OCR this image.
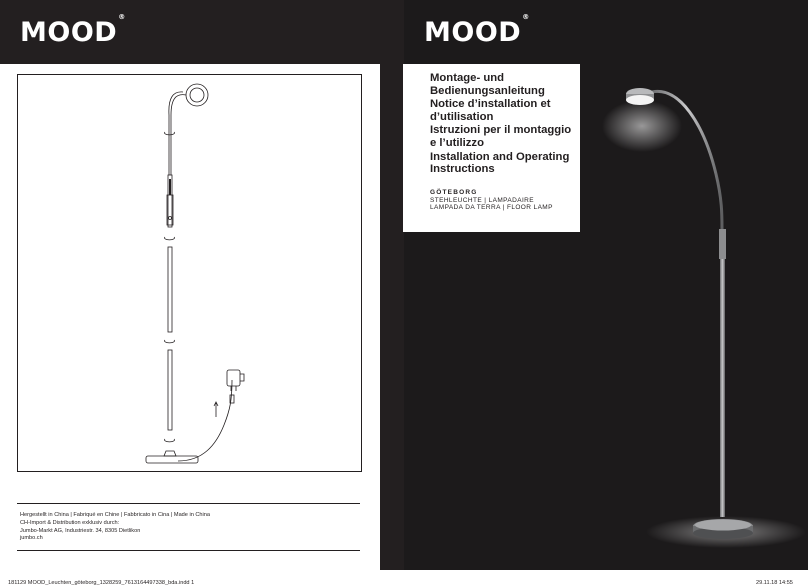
MOOD®
Hergestellt in China | Fabriqué en Chine | Fabbricato in Cina | Made in China
CH-Import & Distribution exklusiv durch:
Jumbo-Markt AG, Industriestr. 34, 8305 Dietlikon
jumbo.ch
MOOD®
Montage- und Bedienungsanleitung
Notice d’installation et d’utilisation
Istruzioni per il montaggio e l’utilizzo
Installation and Operating Instructions
GÖTEBORG
STEHLEUCHTE | LAMPADAIRE
LAMPADA DA TERRA | FLOOR LAMP
181129 MOOD_Leuchten_göteborg_1328259_7613164497338_bda.indd 1	29.11.18 14:55
